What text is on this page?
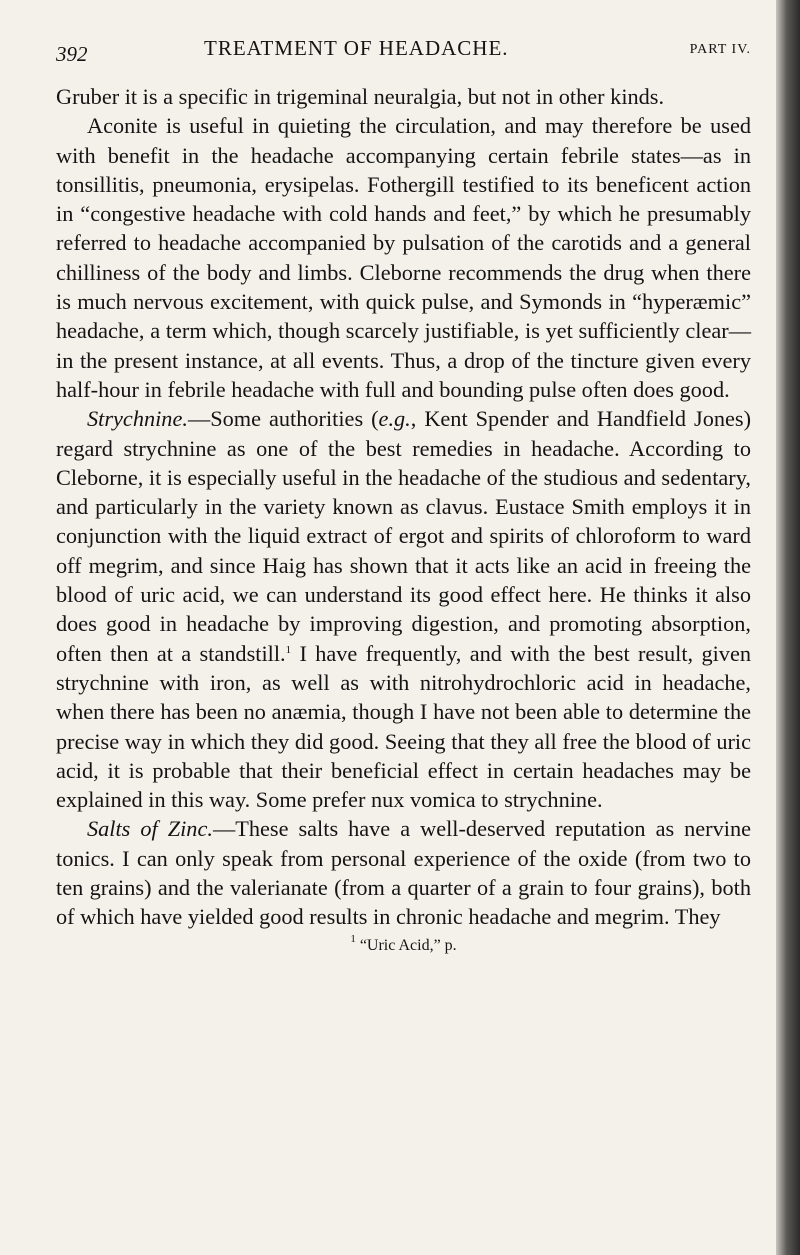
392	TREATMENT OF HEADACHE.	PART IV.

Gruber it is a specific in trigeminal neuralgia, but not in other kinds.

Aconite is useful in quieting the circulation, and may therefore be used with benefit in the headache accompanying certain febrile states—as in tonsillitis, pneumonia, erysipelas. Fothergill testified to its beneficent action in “congestive headache with cold hands and feet,” by which he presumably referred to headache accompanied by pulsation of the carotids and a general chilliness of the body and limbs. Cleborne recommends the drug when there is much nervous excitement, with quick pulse, and Symonds in “hyperæmic” headache, a term which, though scarcely justifiable, is yet sufficiently clear—in the present instance, at all events. Thus, a drop of the tincture given every half-hour in febrile headache with full and bounding pulse often does good.

Strychnine.—Some authorities (e.g., Kent Spender and Handfield Jones) regard strychnine as one of the best remedies in headache. According to Cleborne, it is especially useful in the headache of the studious and sedentary, and particularly in the variety known as clavus. Eustace Smith employs it in conjunction with the liquid extract of ergot and spirits of chloroform to ward off megrim, and since Haig has shown that it acts like an acid in freeing the blood of uric acid, we can understand its good effect here. He thinks it also does good in headache by improving digestion, and promoting absorption, often then at a standstill.$^1$ I have frequently, and with the best result, given strychnine with iron, as well as with nitrohydrochloric acid in headache, when there has been no anæmia, though I have not been able to determine the precise way in which they did good. Seeing that they all free the blood of uric acid, it is probable that their beneficial effect in certain headaches may be explained in this way. Some prefer nux vomica to strychnine.

Salts of Zinc.—These salts have a well-deserved reputation as nervine tonics. I can only speak from personal experience of the oxide (from two to ten grains) and the valerianate (from a quarter of a grain to four grains), both of which have yielded good results in chronic headache and megrim. They

$^1$ “Uric Acid,” p.
